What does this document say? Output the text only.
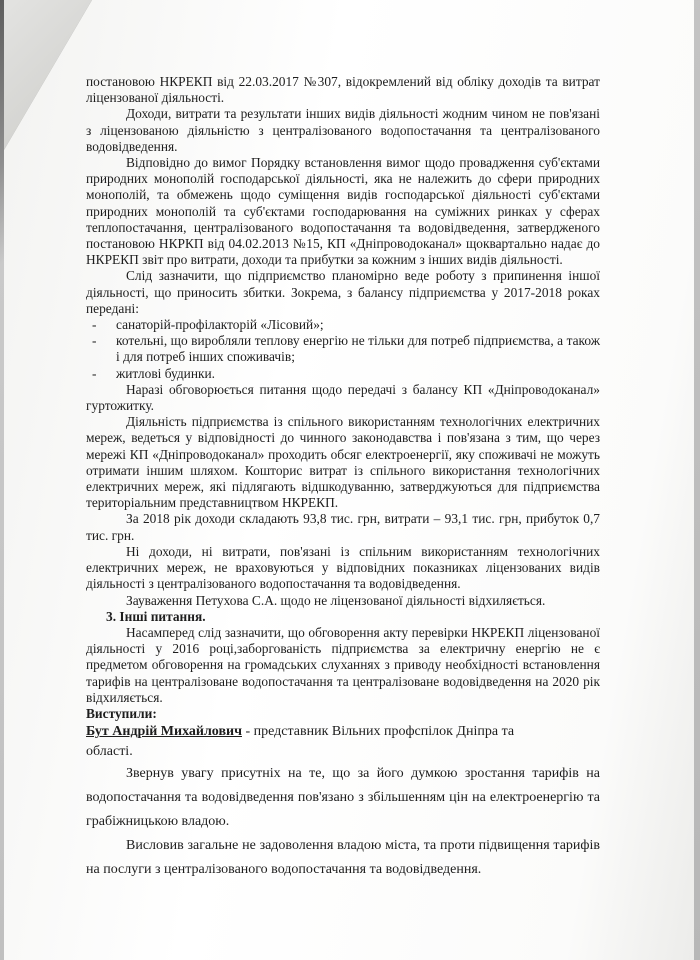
постановою НКРЕКП від 22.03.2017 №307, відокремлений від обліку доходів та витрат ліцензованої діяльності.

Доходи, витрати та результати інших видів діяльності жодним чином не пов'язані з ліцензованою діяльністю з централізованого водопостачання та централізованого водовідведення.

Відповідно до вимог Порядку встановлення вимог щодо провадження суб'єктами природних монополій господарської діяльності, яка не належить до сфери природних монополій, та обмежень щодо суміщення видів господарської діяльності суб'єктами природних монополій та суб'єктами господарювання на суміжних ринках у сферах теплопостачання, централізованого водопостачання та водовідведення, затвердженого постановою НКРКП від 04.02.2013 №15, КП «Дніпроводоканал» щоквартально надає до НКРЕКП звіт про витрати, доходи та прибутки за кожним з інших видів діяльності.

Слід зазначити, що підприємство планомірно веде роботу з припинення іншої діяльності, що приносить збитки. Зокрема, з балансу підприємства у 2017-2018 роках передані:

- санаторій-профілакторій «Лісовий»;

- котельні, що виробляли теплову енергію не тільки для потреб підприємства, а також і для потреб інших споживачів;

- житлові будинки.

Наразі обговорюється питання щодо передачі з балансу КП «Дніпроводоканал» гуртожитку.

Діяльність підприємства із спільного використанням технологічних електричних мереж, ведеться у відповідності до чинного законодавства і пов'язана з тим, що через мережі КП «Дніпроводоканал» проходить обсяг електроенергії, яку споживачі не можуть отримати іншим шляхом. Кошторис витрат із спільного використання технологічних електричних мереж, які підлягають відшкодуванню, затверджуються для підприємства територіальним представництвом НКРЕКП.

За 2018 рік доходи складають 93,8 тис. грн, витрати – 93,1 тис. грн, прибуток 0,7 тис. грн.

Ні доходи, ні витрати, пов'язані із спільним використанням технологічних електричних мереж, не враховуються у відповідних показниках ліцензованих видів діяльності з централізованого водопостачання та водовідведення.

Зауваження Петухова С.А. щодо не ліцензованої діяльності відхиляється.

3. Інші питання.

Насамперед слід зазначити, що обговорення акту перевірки НКРЕКП ліцензованої діяльності у 2016 році,заборгованість підприємства за електричну енергію не є предметом обговорення на громадських слуханнях з приводу необхідності встановлення тарифів на централізоване водопостачання та централізоване водовідведення на 2020 рік відхиляється.

Виступили:

Бут Андрій Михайлович - представник Вільних профспілок Дніпра та

області.

Звернув увагу присутніх на те, що за його думкою зростання тарифів на водопостачання та водовідведення пов'язано з збільшенням цін на електроенергію та грабіжницькою владою.

Висловив загальне не задоволення владою міста, та проти підвищення тарифів на послуги з централізованого водопостачання та водовідведення.
